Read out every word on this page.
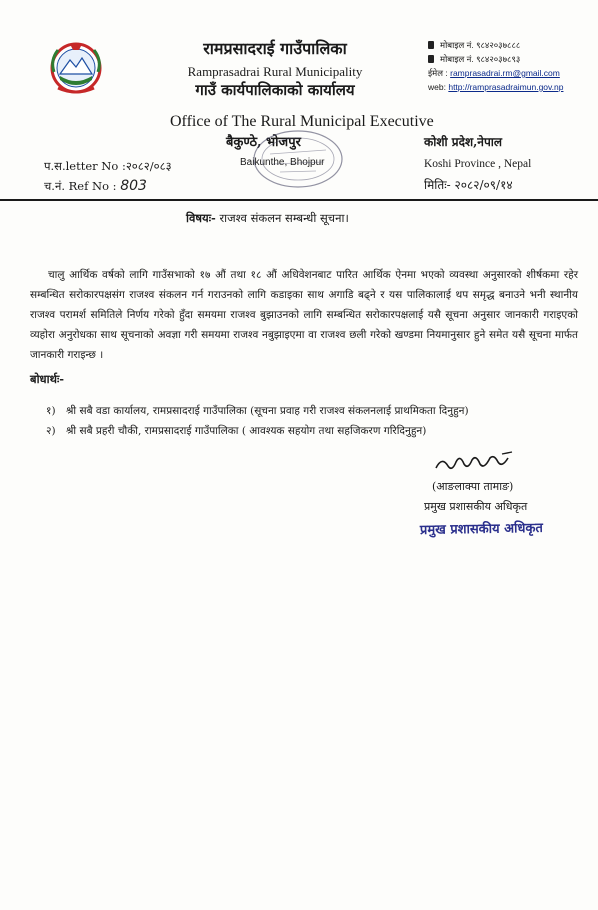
रामप्रसादराई गाउँपालिका
Ramprasadrai Rural Municipality
गाउँ कार्यपालिकाको कार्यालय
Office of The Rural Municipal Executive
बैकुण्ठे, भोजपुर
Baikunthe, Bhojpur
मोबाइल नं. ९८४२०३७८८८
मोबाइल नं. ९८४२०३७८९३
ईमेल : ramprasadrai.rm@gmail.com
web: http://ramprasadraimun.gov.np
कोशी प्रदेश,नेपाल
Koshi Province , Nepal
प.स.letter No :२०८२/०८३
च.नं. Ref No : 803	मितिः- २०८२/०९/१४
विषयः- राजश्व संकलन सम्बन्धी सूचना।

चालु आर्थिक वर्षको लागि गाउँसभाको १७ औं तथा १८ औं अधिवेशनबाट पारित आर्थिक ऐनमा भएको व्यवस्था अनुसारको शीर्षकमा रहेर सम्बन्धित सरोकारपक्षसंग राजश्व संकलन गर्न गराउनको लागि कडाइका साथ अगाडि बढ्ने र यस पालिकालाई थप समृद्ध बनाउने भनी स्थानीय राजश्व परामर्श समितिले निर्णय गरेको हुँदा समयमा राजश्व बुझाउनको लागि सम्बन्धित सरोकारपक्षलाई यसै सूचना अनुसार जानकारी गराइएको व्यहोरा अनुरोधका साथ सूचनाको अवज्ञा गरी समयमा राजश्व नबुझाइएमा वा राजश्व छली गरेको खण्डमा नियमानुसार हुने समेत यसै सूचना मार्फत जानकारी गराइन्छ ।

बोधार्थः-
१) श्री सबै वडा कार्यालय, रामप्रसादराई गाउँपालिका (सूचना प्रवाह गरी राजश्व संकलनलाई प्राथमिकता दिनुहुन)
२) श्री सबै प्रहरी चौकी, रामप्रसादराई गाउँपालिका ( आवश्यक सहयोग तथा सहजिकरण गरिदिनुहुन)
(आङलाक्पा तामाङ)
प्रमुख प्रशासकीय अधिकृत
प्रमुख प्रशासकीय अधिकृत
